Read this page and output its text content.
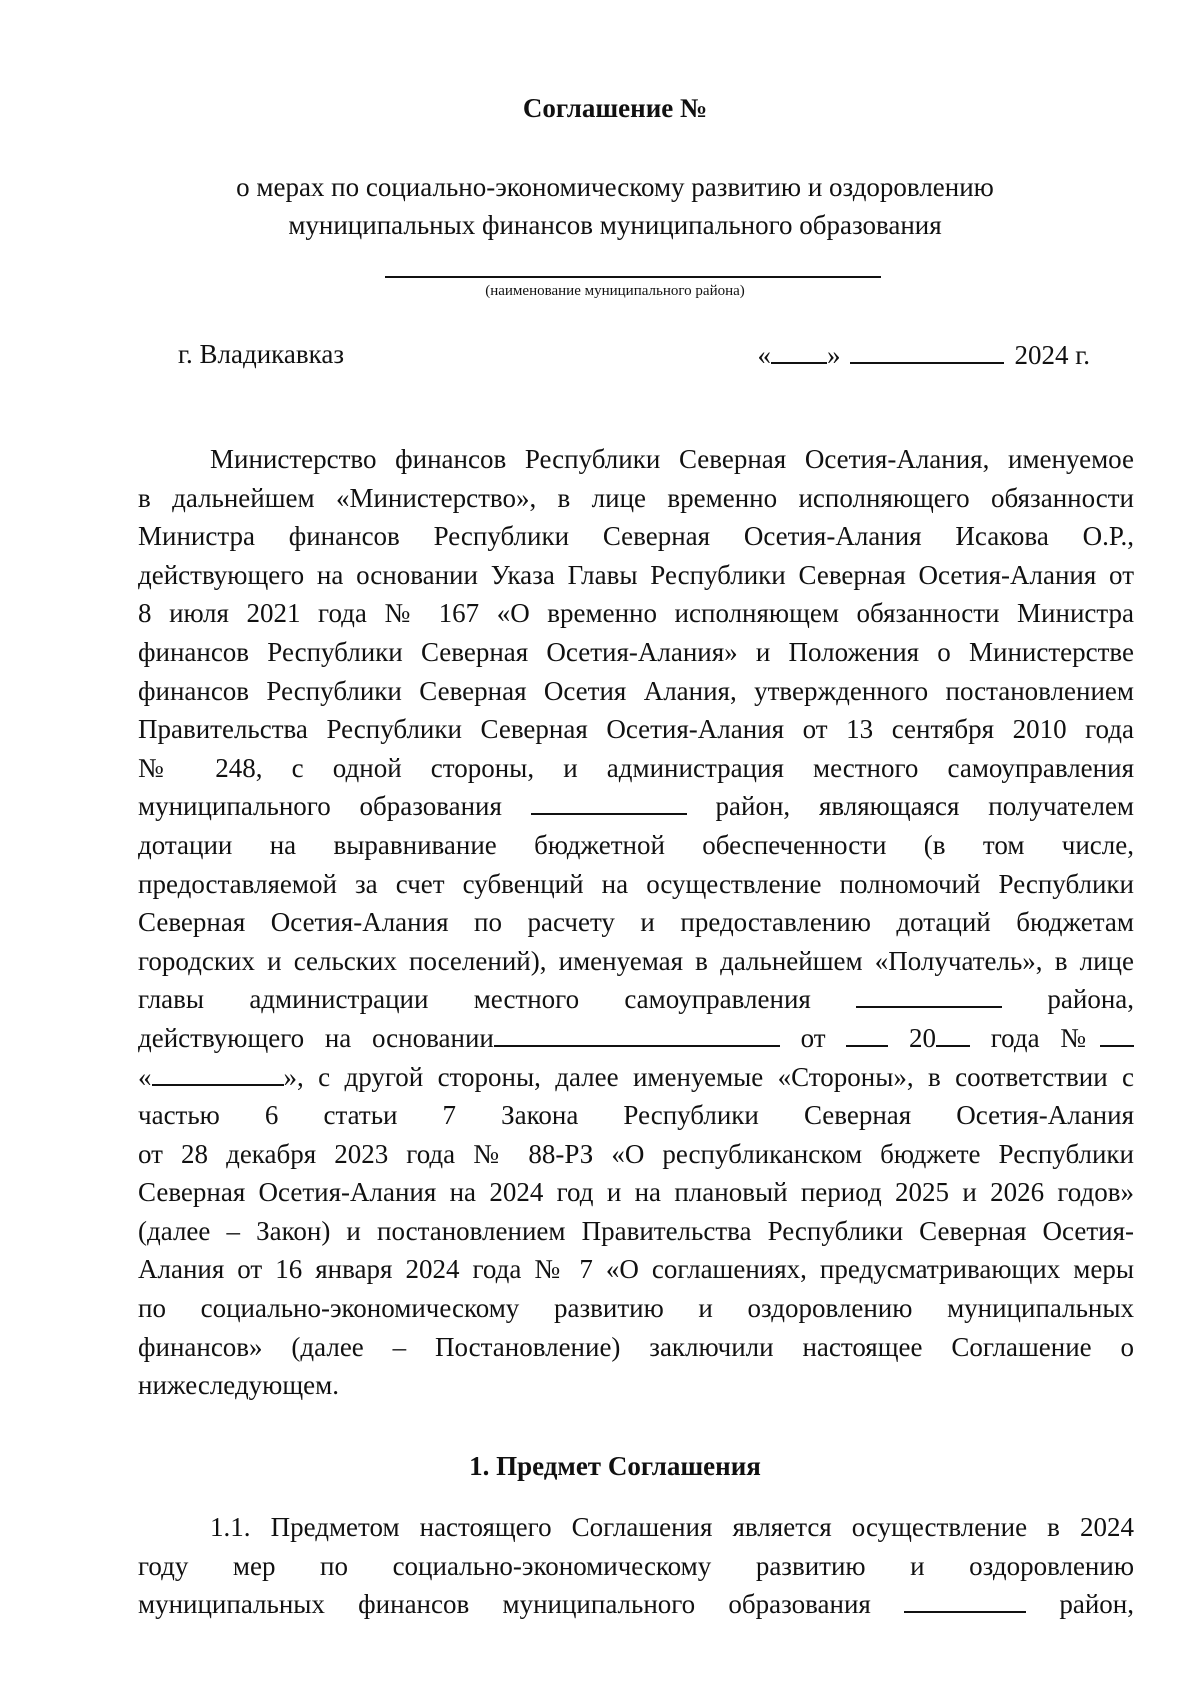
Соглашение №
о мерах по социально-экономическому развитию и оздоровлению
муниципальных финансов муниципального образования
(наименование муниципального района)
г. Владикавказ	« »	2024 г.
Министерство финансов Республики Северная Осетия-Алания, именуемое
в дальнейшем «Министерство», в лице временно исполняющего обязанности
Министра финансов Республики Северная Осетия-Алания Исакова О.Р.,
действующего на основании Указа Главы Республики Северная Осетия-Алания от
8 июля 2021 года № 167 «О временно исполняющем обязанности Министра
финансов Республики Северная Осетия-Алания» и Положения о Министерстве
финансов Республики Северная Осетия Алания, утвержденного постановлением
Правительства Республики Северная Осетия-Алания от 13 сентября 2010 года
№ 248, с одной стороны, и администрация местного самоуправления
муниципального образования	район, являющаяся получателем
дотации на выравнивание бюджетной обеспеченности (в том числе,
предоставляемой за счет субвенций на осуществление полномочий Республики
Северная Осетия-Алания по расчету и предоставлению дотаций бюджетам
городских и сельских поселений), именуемая в дальнейшем «Получатель», в лице
главы администрации местного самоуправления	района,
действующего на основании	от	20 года №
«	», с другой стороны, далее именуемые «Стороны», в соответствии с
частью 6 статьи 7 Закона Республики Северная Осетия-Алания
от 28 декабря 2023 года № 88-РЗ «О республиканском бюджете Республики
Северная Осетия-Алания на 2024 год и на плановый период 2025 и 2026 годов»
(далее – Закон) и постановлением Правительства Республики Северная Осетия-
Алания от 16 января 2024 года № 7 «О соглашениях, предусматривающих меры
по социально-экономическому развитию и оздоровлению муниципальных
финансов» (далее – Постановление) заключили настоящее Соглашение о
нижеследующем.
1. Предмет Соглашения
1.1. Предметом настоящего Соглашения является осуществление в 2024
году мер по социально-экономическому развитию и оздоровлению
муниципальных финансов муниципального образования	район,
